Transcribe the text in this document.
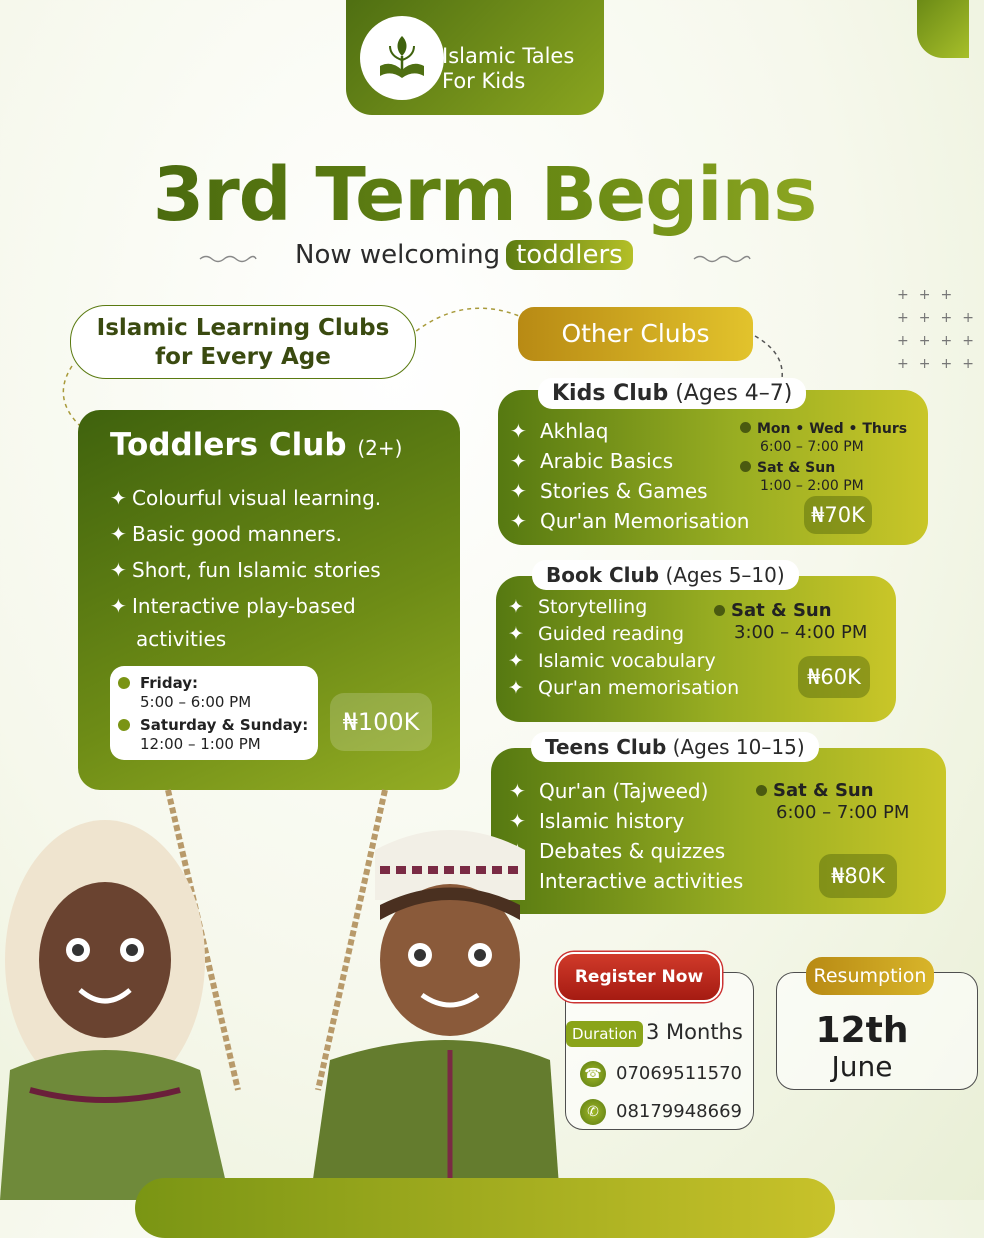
+++
++++
++++
++++
Islamic Tales
For Kids
3rd Term Begins
Now welcoming toddlers
Islamic Learning Clubs
for Every Age
Toddlers Club (2+)
✦ Colourful visual learning.
✦ Basic good manners.
✦ Short, fun Islamic stories
✦ Interactive play-based
activities
Friday:
5:00 – 6:00 PM
Saturday & Sunday:
12:00 – 1:00 PM
₦100K
Other Clubs
Kids Club (Ages 4–7)
✦ Akhlaq
✦ Arabic Basics
✦ Stories & Games
✦ Qur'an Memorisation
Mon • Wed • Thurs
6:00 – 7:00 PM
Sat & Sun
1:00 – 2:00 PM
₦70K
Book Club (Ages 5–10)
✦ Storytelling
✦ Guided reading
✦ Islamic vocabulary
✦ Qur'an memorisation
Sat & Sun
3:00 – 4:00 PM
₦60K
Teens Club (Ages 10–15)
✦ Qur'an (Tajweed)
✦ Islamic history
Debates & quizzes
Interactive activities
Sat & Sun
6:00 – 7:00 PM
₦80K
Register Now
Duration 3 Months
☎ 07069511570
✆ 08179948669
Resumption
12th
June
